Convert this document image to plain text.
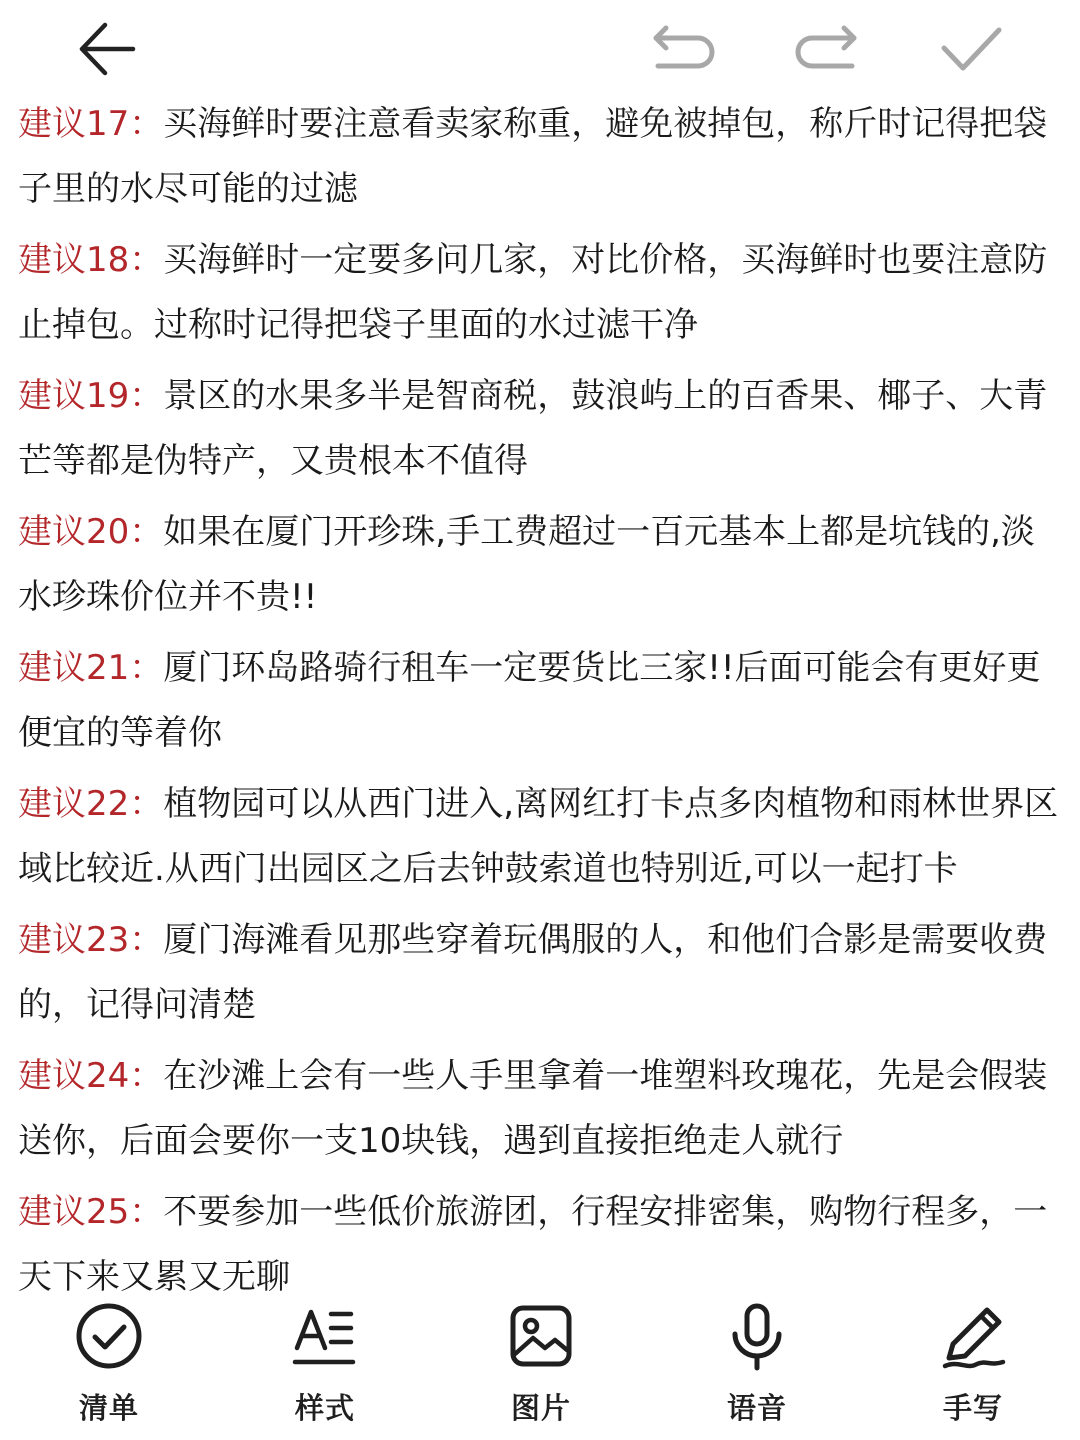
建议17：买海鲜时要注意看卖家称重，避免被掉包，称斤时记得把袋子里的水尽可能的过滤
建议18：买海鲜时一定要多问几家，对比价格，买海鲜时也要注意防止掉包。过称时记得把袋子里面的水过滤干净
建议19：景区的水果多半是智商税，鼓浪屿上的百香果、椰子、大青芒等都是伪特产，又贵根本不值得
建议20：如果在厦门开珍珠,手工费超过一百元基本上都是坑钱的,淡水珍珠价位并不贵!!
建议21：厦门环岛路骑行租车一定要货比三家!!后面可能会有更好更便宜的等着你
建议22：植物园可以从西门进入,离网红打卡点多肉植物和雨林世界区域比较近.从西门出园区之后去钟鼓索道也特别近,可以一起打卡
建议23：厦门海滩看见那些穿着玩偶服的人，和他们合影是需要收费的，记得问清楚
建议24：在沙滩上会有一些人手里拿着一堆塑料玫瑰花，先是会假装送你，后面会要你一支10块钱，遇到直接拒绝走人就行
建议25：不要参加一些低价旅游团，行程安排密集，购物行程多，一天下来又累又无聊
清单	样式	图片	语音	手写
